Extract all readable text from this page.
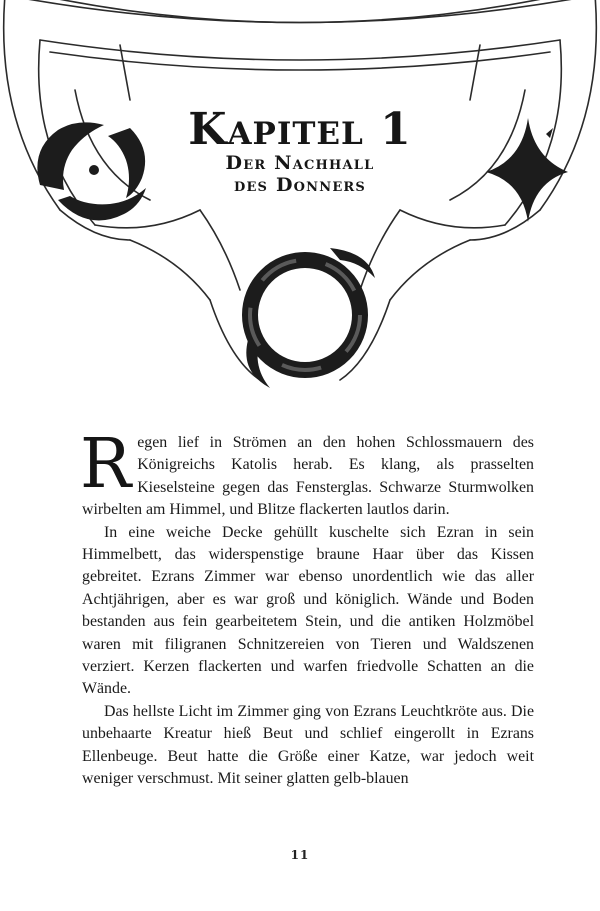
Kapitel 1
Der Nachhall
des Donners

Regen lief in Strömen an den hohen Schlossmauern des Königreichs Katolis herab. Es klang, als prasselten Kieselsteine gegen das Fensterglas. Schwarze Sturmwolken wirbelten am Himmel, und Blitze flackerten lautlos darin.

In eine weiche Decke gehüllt kuschelte sich Ezran in sein Himmelbett, das widerspenstige braune Haar über das Kissen gebreitet. Ezrans Zimmer war ebenso unordentlich wie das aller Achtjährigen, aber es war groß und königlich. Wände und Boden bestanden aus fein gearbeitetem Stein, und die antiken Holzmöbel waren mit filigranen Schnitzereien von Tieren und Waldszenen verziert. Kerzen flackerten und warfen friedvolle Schatten an die Wände.

Das hellste Licht im Zimmer ging von Ezrans Leuchtkröte aus. Die unbehaarte Kreatur hieß Beut und schlief eingerollt in Ezrans Ellenbeuge. Beut hatte die Größe einer Katze, war jedoch weit weniger verschmust. Mit seiner glatten gelb-blauen

11
